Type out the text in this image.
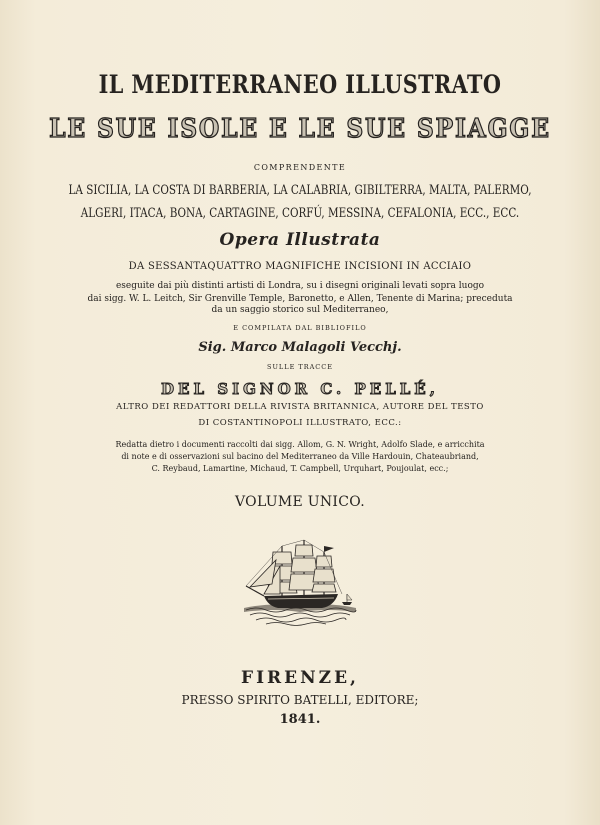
IL MEDITERRANEO ILLUSTRATO
LE SUE ISOLE E LE SUE SPIAGGE
COMPRENDENTE
LA SICILIA, LA COSTA DI BARBERIA, LA CALABRIA, GIBILTERRA, MALTA, PALERMO,
ALGERI, ITACA, BONA, CARTAGINE, CORFÚ, MESSINA, CEFALONIA, ECC., ECC.
Opera Illustrata
DA SESSANTAQUATTRO MAGNIFICHE INCISIONI IN ACCIAIO
eseguite dai più distinti artisti di Londra, su i disegni originali levati sopra luogo
dai sigg. W. L. Leitch, Sir Grenville Temple, Baronetto, e Allen, Tenente di Marina; preceduta
da un saggio storico sul Mediterraneo,
E COMPILATA DAL BIBLIOFILO
Sig. Marco Malagoli Vecchj.
SULLE TRACCE
DEL SIGNOR C. PELLÉ,
ALTRO DEI REDATTORI DELLA RIVISTA BRITANNICA, AUTORE DEL TESTO
DI COSTANTINOPOLI ILLUSTRATO, ECC.:
Redatta dietro i documenti raccolti dai sigg. Allom, G. N. Wright, Adolfo Slade, e arricchita
di note e di osservazioni sul bacino del Mediterraneo da Ville Hardouin, Chateaubriand,
C. Reybaud, Lamartine, Michaud, T. Campbell, Urquhart, Poujoulat, ecc.;
VOLUME UNICO.
FIRENZE,
PRESSO SPIRITO BATELLI, EDITORE;
1841.
